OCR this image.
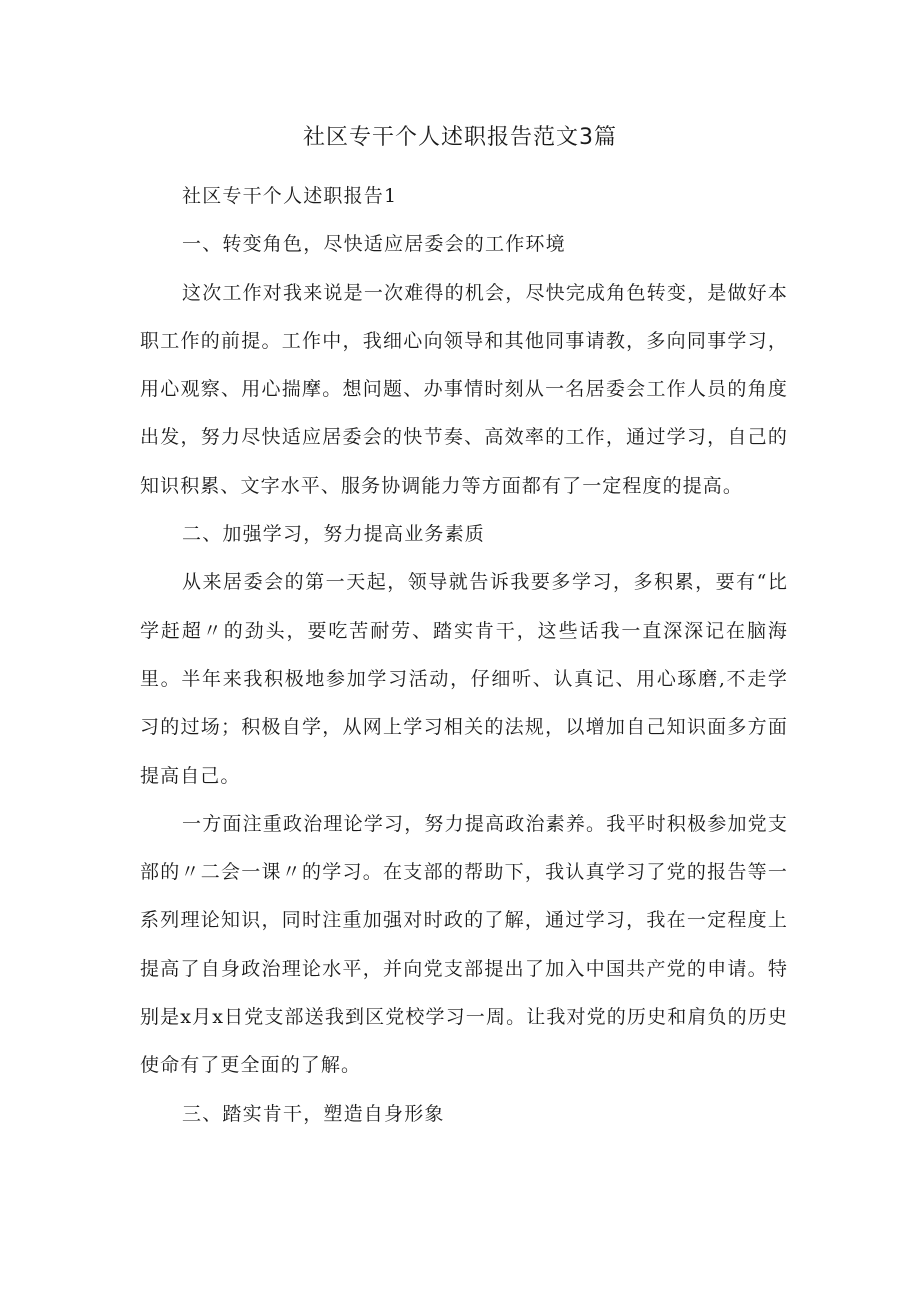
社区专干个人述职报告范文3篇

社区专干个人述职报告1

一、转变角色，尽快适应居委会的工作环境

这次工作对我来说是一次难得的机会，尽快完成角色转变，是做好本职工作的前提。工作中，我细心向领导和其他同事请教，多向同事学习，用心观察、用心揣摩。想问题、办事情时刻从一名居委会工作人员的角度出发，努力尽快适应居委会的快节奏、高效率的工作，通过学习，自己的知识积累、文字水平、服务协调能力等方面都有了一定程度的提高。

二、加强学习，努力提高业务素质

从来居委会的第一天起，领导就告诉我要多学习，多积累，要有“比学赶超〃的劲头，要吃苦耐劳、踏实肯干，这些话我一直深深记在脑海里。半年来我积极地参加学习活动，仔细听、认真记、用心琢磨,不走学习的过场；积极自学，从网上学习相关的法规，以增加自己知识面多方面提高自己。

一方面注重政治理论学习，努力提高政治素养。我平时积极参加党支部的〃二会一课〃的学习。在支部的帮助下，我认真学习了党的报告等一系列理论知识，同时注重加强对时政的了解，通过学习，我在一定程度上提高了自身政治理论水平，并向党支部提出了加入中国共产党的申请。特别是x月x日党支部送我到区党校学习一周。让我对党的历史和肩负的历史使命有了更全面的了解。

三、踏实肯干，塑造自身形象
